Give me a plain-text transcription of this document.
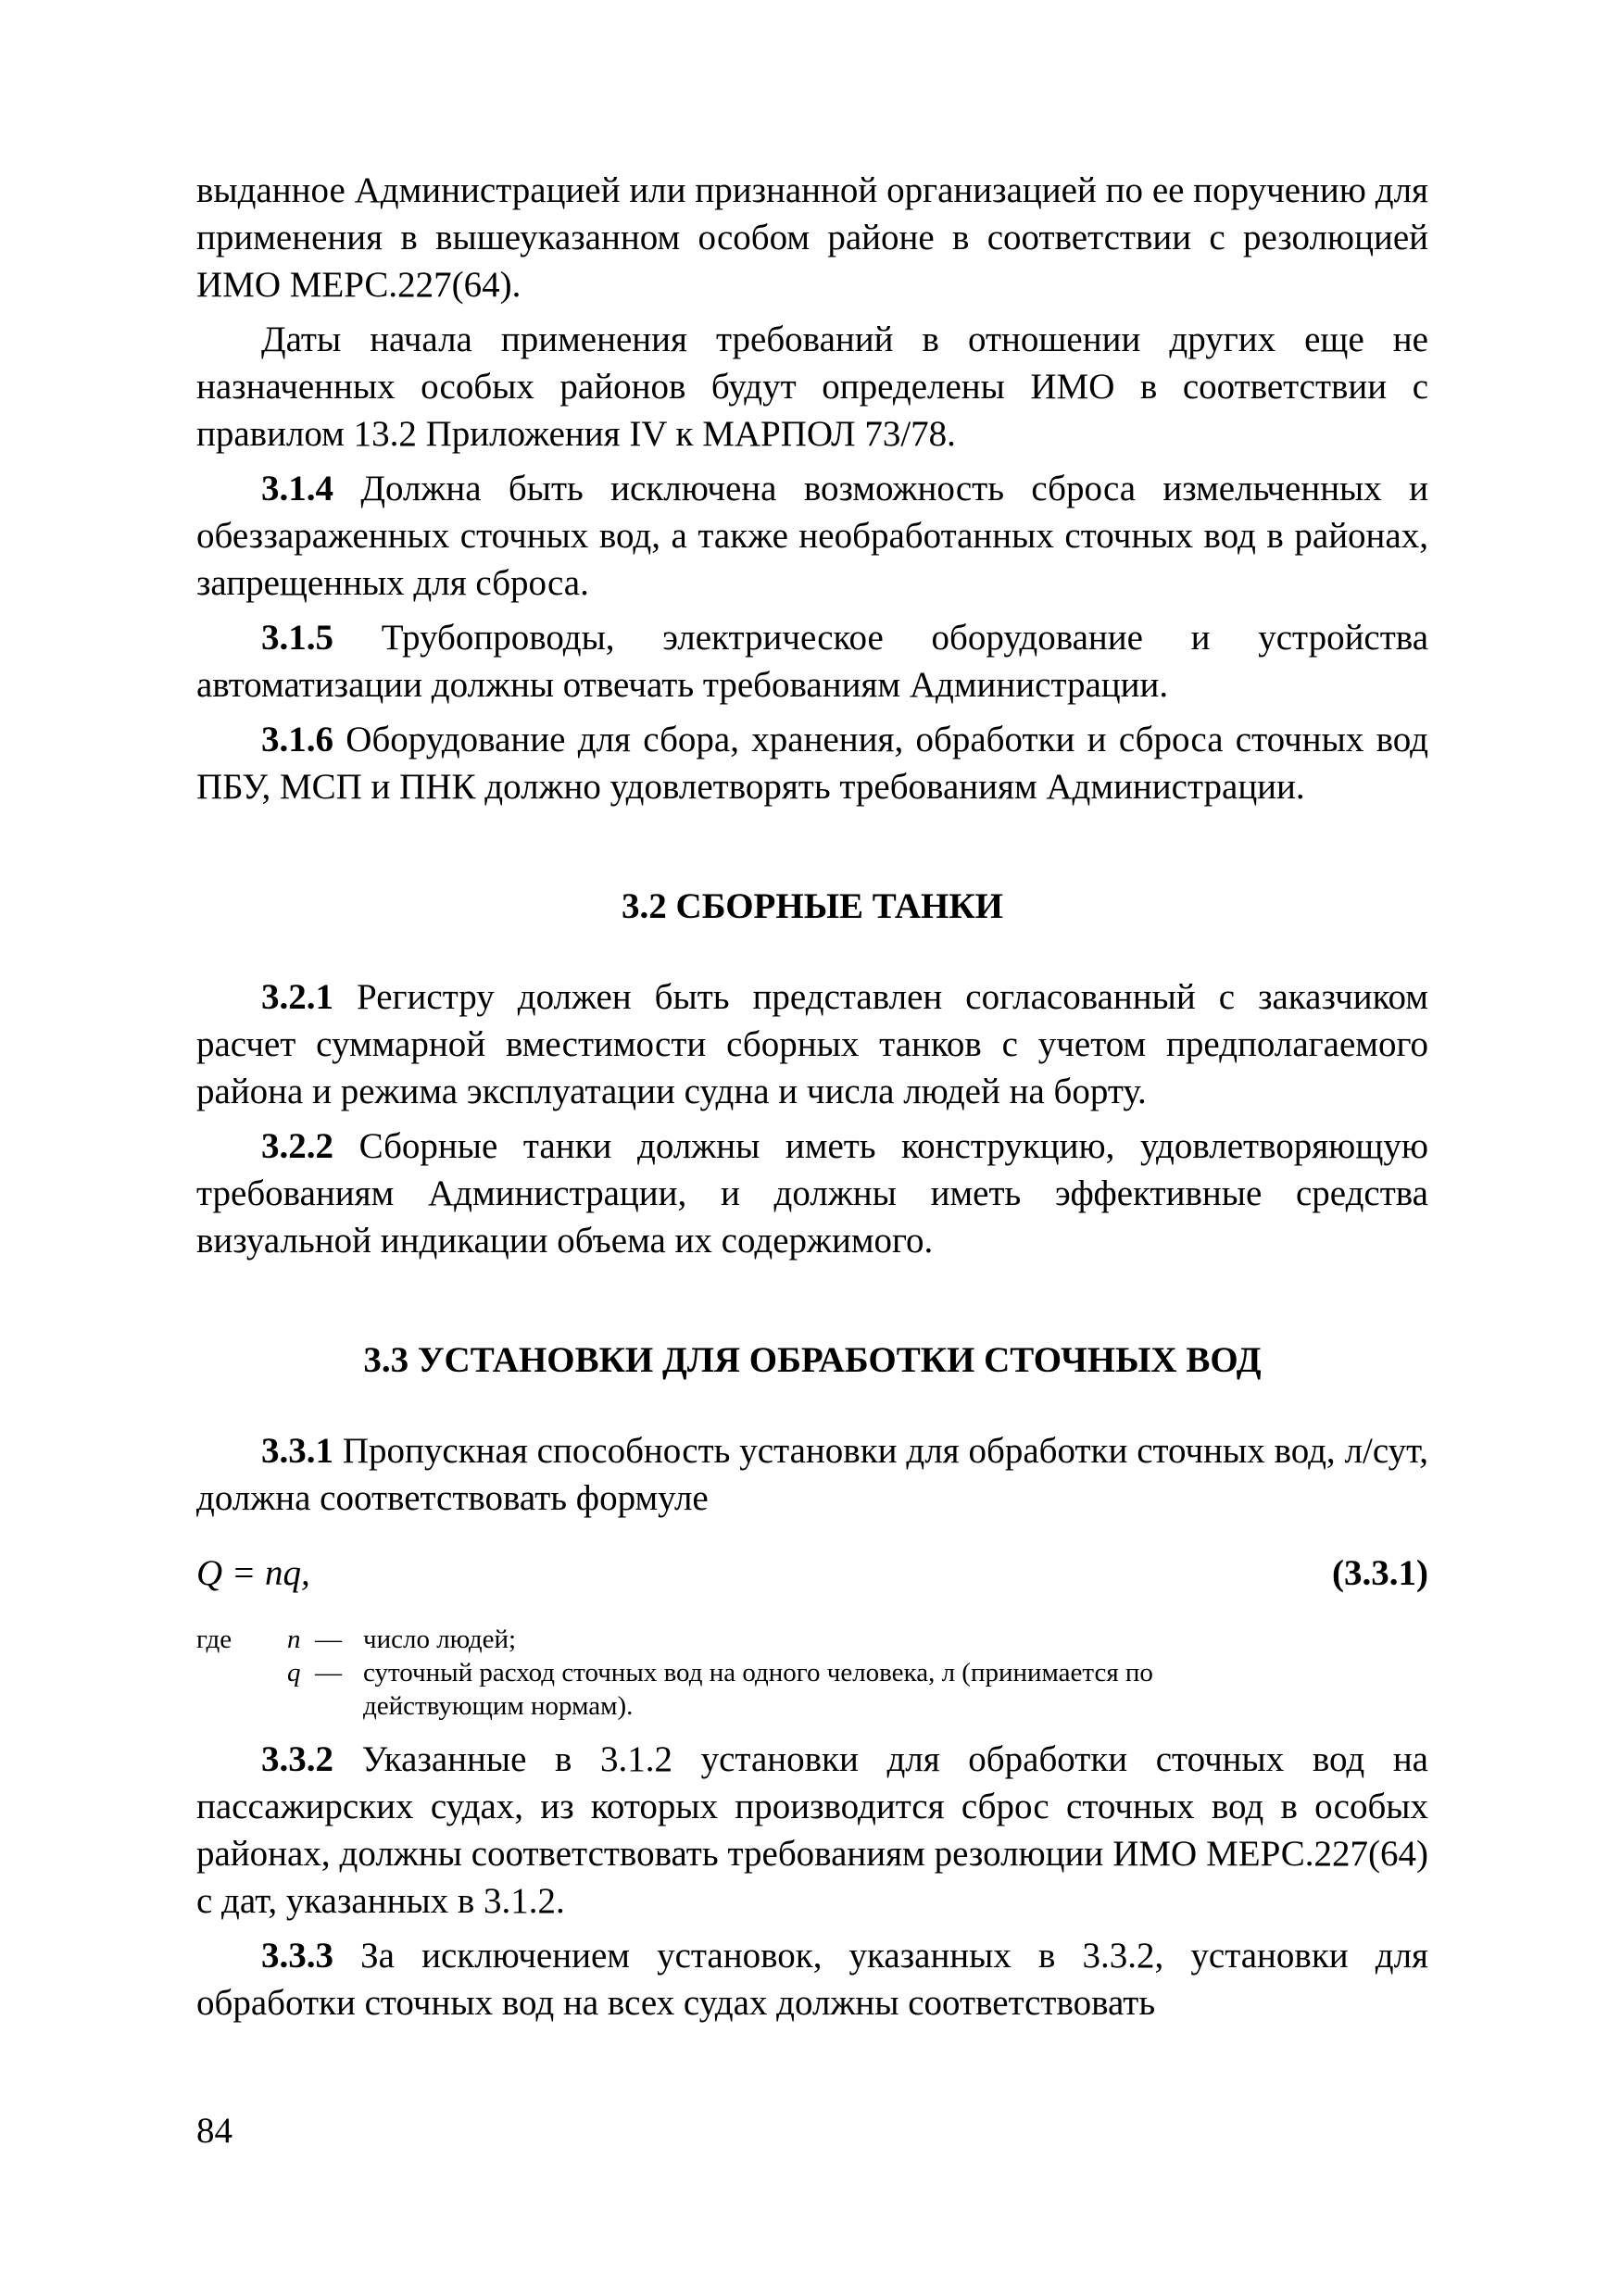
выданное Администрацией или признанной организацией по ее поручению для применения в вышеуказанном особом районе в соответствии с резолюцией ИМО МЕРС.227(64).

Даты начала применения требований в отношении других еще не назначенных особых районов будут определены ИМО в соответствии с правилом 13.2 Приложения IV к МАРПОЛ 73/78.

3.1.4 Должна быть исключена возможность сброса измельченных и обеззараженных сточных вод, а также необработанных сточных вод в районах, запрещенных для сброса.

3.1.5 Трубопроводы, электрическое оборудование и устройства автоматизации должны отвечать требованиям Администрации.

3.1.6 Оборудование для сбора, хранения, обработки и сброса сточных вод ПБУ, МСП и ПНК должно удовлетворять требованиям Администрации.

3.2 СБОРНЫЕ ТАНКИ

3.2.1 Регистру должен быть представлен согласованный с заказчиком расчет суммарной вместимости сборных танков с учетом предполагаемого района и режима эксплуатации судна и числа людей на борту.

3.2.2 Сборные танки должны иметь конструкцию, удовлетворяющую требованиям Администрации, и должны иметь эффективные средства визуальной индикации объема их содержимого.

3.3 УСТАНОВКИ ДЛЯ ОБРАБОТКИ СТОЧНЫХ ВОД

3.3.1 Пропускная способность установки для обработки сточных вод, л/сут, должна соответствовать формуле

Q = nq,	(3.3.1)
где n — число людей;
q — суточный расход сточных вод на одного человека, л (принимается по
действующим нормам).

3.3.2 Указанные в 3.1.2 установки для обработки сточных вод на пассажирских судах, из которых производится сброс сточных вод в особых районах, должны соответствовать требованиям резолюции ИМО МЕРС.227(64) с дат, указанных в 3.1.2.

3.3.3 За исключением установок, указанных в 3.3.2, установки для обработки сточных вод на всех судах должны соответствовать

84
